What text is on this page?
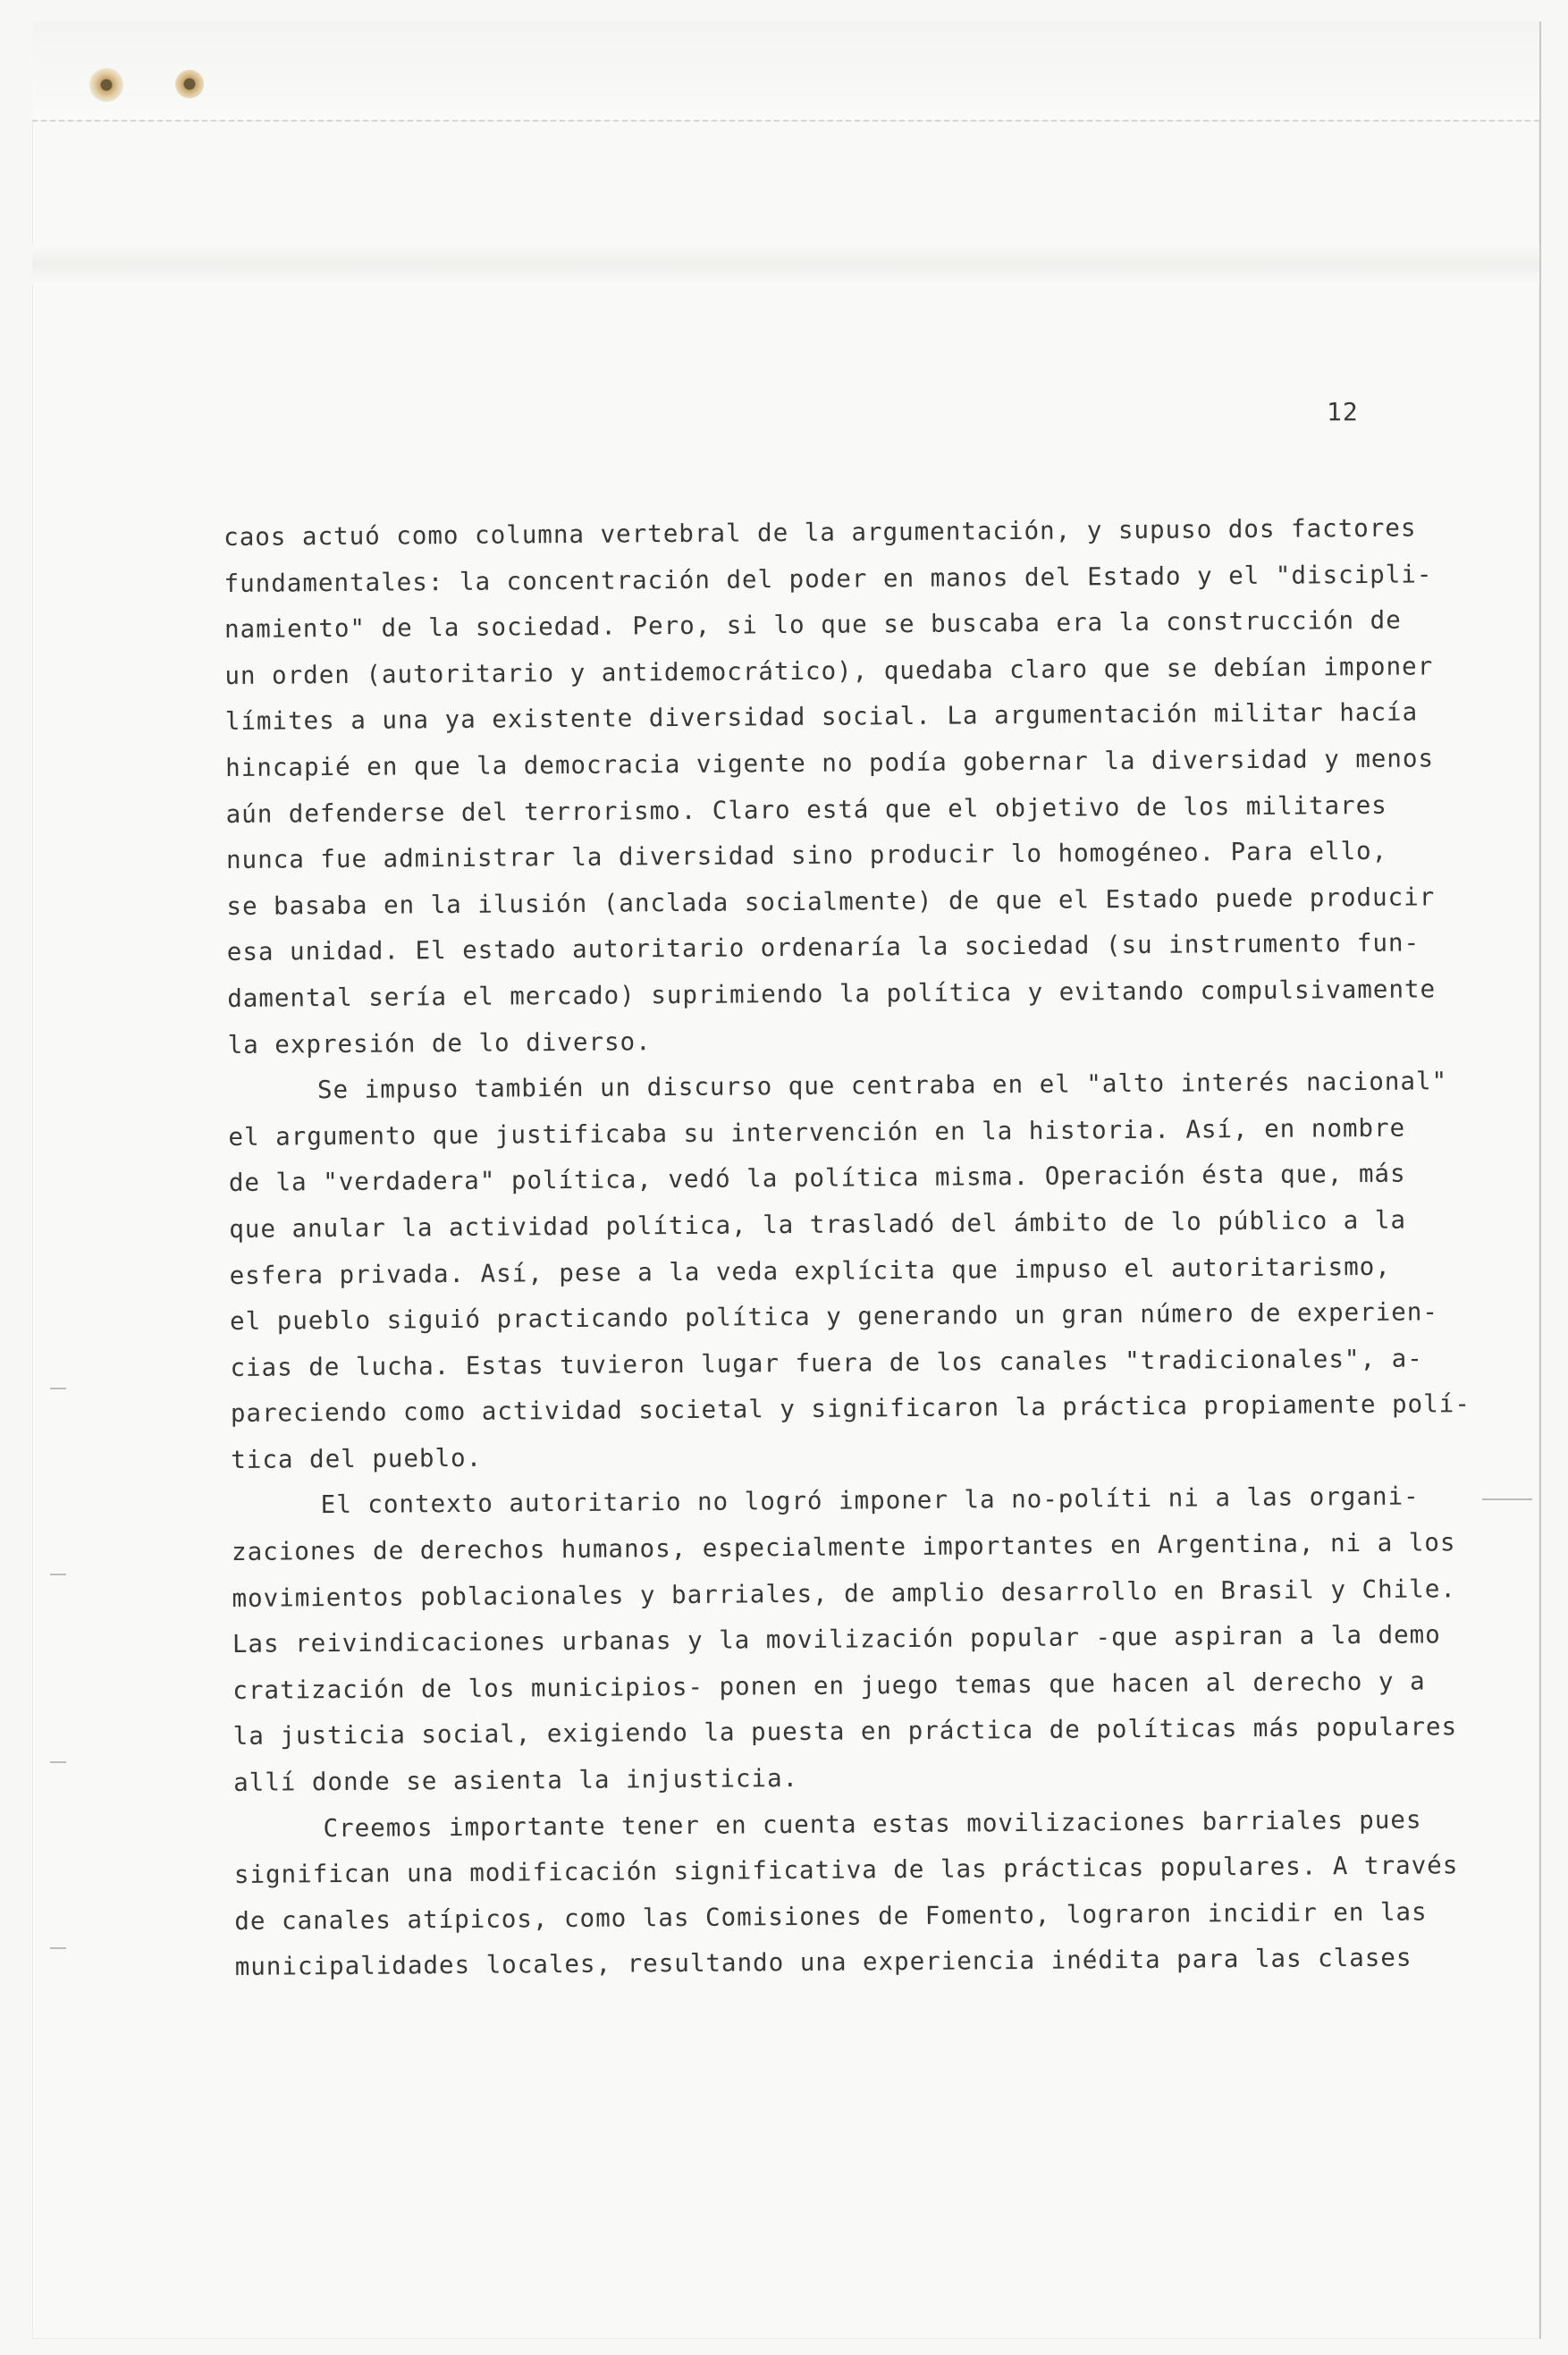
12
caos actuó como columna vertebral de la argumentación, y supuso dos factores
fundamentales: la concentración del poder en manos del Estado y el "discipli-
namiento" de la sociedad. Pero, si lo que se buscaba era la construcción de
un orden (autoritario y antidemocrático), quedaba claro que se debían imponer
límites a una ya existente diversidad social. La argumentación militar hacía
hincapié en que la democracia vigente no podía gobernar la diversidad y menos
aún defenderse del terrorismo. Claro está que el objetivo de los militares
nunca fue administrar la diversidad sino producir lo homogéneo. Para ello,
se basaba en la ilusión (anclada socialmente) de que el Estado puede producir
esa unidad. El estado autoritario ordenaría la sociedad (su instrumento fun-
damental sería el mercado) suprimiendo la política y evitando compulsivamente
la expresión de lo diverso.
Se impuso también un discurso que centraba en el "alto interés nacional"
el argumento que justificaba su intervención en la historia. Así, en nombre
de la "verdadera" política, vedó la política misma. Operación ésta que, más
que anular la actividad política, la trasladó del ámbito de lo público a la
esfera privada. Así, pese a la veda explícita que impuso el autoritarismo,
el pueblo siguió practicando política y generando un gran número de experien-
cias de lucha. Estas tuvieron lugar fuera de los canales "tradicionales", a-
pareciendo como actividad societal y significaron la práctica propiamente polí-
tica del pueblo.
El contexto autoritario no logró imponer la no-políti ni a las organi-
zaciones de derechos humanos, especialmente importantes en Argentina, ni a los
movimientos poblacionales y barriales, de amplio desarrollo en Brasil y Chile.
Las reivindicaciones urbanas y la movilización popular -que aspiran a la demo
cratización de los municipios- ponen en juego temas que hacen al derecho y a
la justicia social, exigiendo la puesta en práctica de políticas más populares
allí donde se asienta la injusticia.
Creemos importante tener en cuenta estas movilizaciones barriales pues
significan una modificación significativa de las prácticas populares. A través
de canales atípicos, como las Comisiones de Fomento, lograron incidir en las
municipalidades locales, resultando una experiencia inédita para las clases
